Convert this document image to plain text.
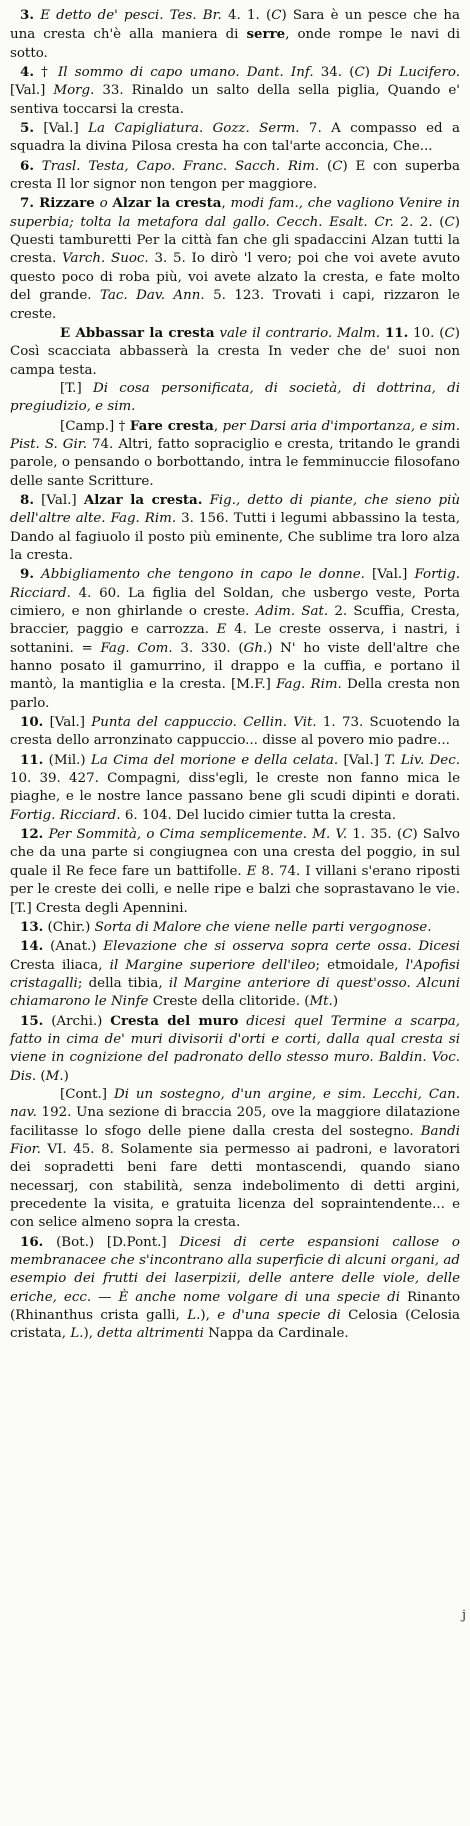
3. E detto de' pesci. Tes. Br. 4. 1. (C) Sara è un pesce che ha una cresta ch'è alla maniera di serre, onde rompe le navi di sotto.

4. † Il sommo di capo umano. Dant. Inf. 34. (C) Di Lucifero. [Val.] Morg. 33. Rinaldo un salto della sella piglia, Quando e' sentiva toccarsi la cresta.

5. [Val.] La Capigliatura. Gozz. Serm. 7. A compasso ed a squadra la divina Pilosa cresta ha con tal'arte acconcia, Che...

6. Trasl. Testa, Capo. Franc. Sacch. Rim. (C) E con superba cresta Il lor signor non tengon per maggiore.

7. Rizzare o Alzar la cresta, modi fam., che vagliono Venire in superbia; tolta la metafora dal gallo. Cecch. Esalt. Cr. 2. 2. (C) Questi tamburetti Per la città fan che gli spadaccini Alzan tutti la cresta. Varch. Suoc. 3. 5. Io dirò 'l vero; poi che voi avete avuto questo poco di roba più, voi avete alzato la cresta, e fate molto del grande. Tac. Dav. Ann. 5. 123. Trovati i capi, rizzaron le creste.

E Abbassar la cresta vale il contrario. Malm. 11. 10. (C) Così scacciata abbasserà la cresta In veder che de' suoi non campa testa.

[T.] Di cosa personificata, di società, di dottrina, di pregiudizio, e sim.

[Camp.] † Fare cresta, per Darsi aria d'importanza, e sim. Pist. S. Gir. 74. Altri, fatto sopraciglio e cresta, tritando le grandi parole, o pensando o borbottando, intra le femminuccie filosofano delle sante Scritture.

8. [Val.] Alzar la cresta. Fig., detto di piante, che sieno più dell'altre alte. Fag. Rim. 3. 156. Tutti i legumi abbassino la testa, Dando al fagiuolo il posto più eminente, Che sublime tra loro alza la cresta.

9. Abbigliamento che tengono in capo le donne. [Val.] Fortig. Ricciard. 4. 60. La figlia del Soldan, che usbergo veste, Porta cimiero, e non ghirlande o creste. Adim. Sat. 2. Scuffia, Cresta, braccier, paggio e carrozza. E 4. Le creste osserva, i nastri, i sottanini. = Fag. Com. 3. 330. (Gh.) N' ho viste dell'altre che hanno posato il gamurrino, il drappo e la cuffia, e portano il mantò, la mantiglia e la cresta. [M.F.] Fag. Rim. Della cresta non parlo.

10. [Val.] Punta del cappuccio. Cellin. Vit. 1. 73. Scuotendo la cresta dello arronzinato cappuccio... disse al povero mio padre...

11. (Mil.) La Cima del morione e della celata. [Val.] T. Liv. Dec. 10. 39. 427. Compagni, diss'egli, le creste non fanno mica le piaghe, e le nostre lance passano bene gli scudi dipinti e dorati. Fortig. Ricciard. 6. 104. Del lucido cimier tutta la cresta.

12. Per Sommità, o Cima semplicemente. M. V. 1. 35. (C) Salvo che da una parte si congiugnea con una cresta del poggio, in sul quale il Re fece fare un battifolle. E 8. 74. I villani s'erano riposti per le creste dei colli, e nelle ripe e balzi che soprastavano le vie. [T.] Cresta degli Apennini.

13. (Chir.) Sorta di Malore che viene nelle parti vergognose.

14. (Anat.) Elevazione che si osserva sopra certe ossa. Dicesi Cresta iliaca, il Margine superiore dell'ileo; etmoidale, l'Apofisi cristagalli; della tibia, il Margine anteriore di quest'osso. Alcuni chiamarono le Ninfe Creste della clitoride. (Mt.)

15. (Archi.) Cresta del muro dicesi quel Termine a scarpa, fatto in cima de' muri divisorii d'orti e corti, dalla qual cresta si viene in cognizione del padronato dello stesso muro. Baldin. Voc. Dis. (M.)

[Cont.] Di un sostegno, d'un argine, e sim. Lecchi, Can. nav. 192. Una sezione di braccia 205, ove la maggiore dilatazione facilitasse lo sfogo delle piene dalla cresta del sostegno. Bandi Fior. VI. 45. 8. Solamente sia permesso ai padroni, e lavoratori dei sopradetti beni fare detti montascendi, quando siano necessarj, con stabilità, senza indebolimento di detti argini, precedente la visita, e gratuita licenza del sopraintendente... e con selice almeno sopra la cresta.

16. (Bot.) [D.Pont.] Dicesi di certe espansioni callose o membranacee che s'incontrano alla superficie di alcuni organi, ad esempio dei frutti dei laserpizii, delle antere delle viole, delle eriche, ecc. — È anche nome volgare di una specie di Rinanto (Rhinanthus crista galli, L.), e d'una specie di Celosia (Celosia cristata, L.), detta altrimenti Nappa da Cardinale.

j
